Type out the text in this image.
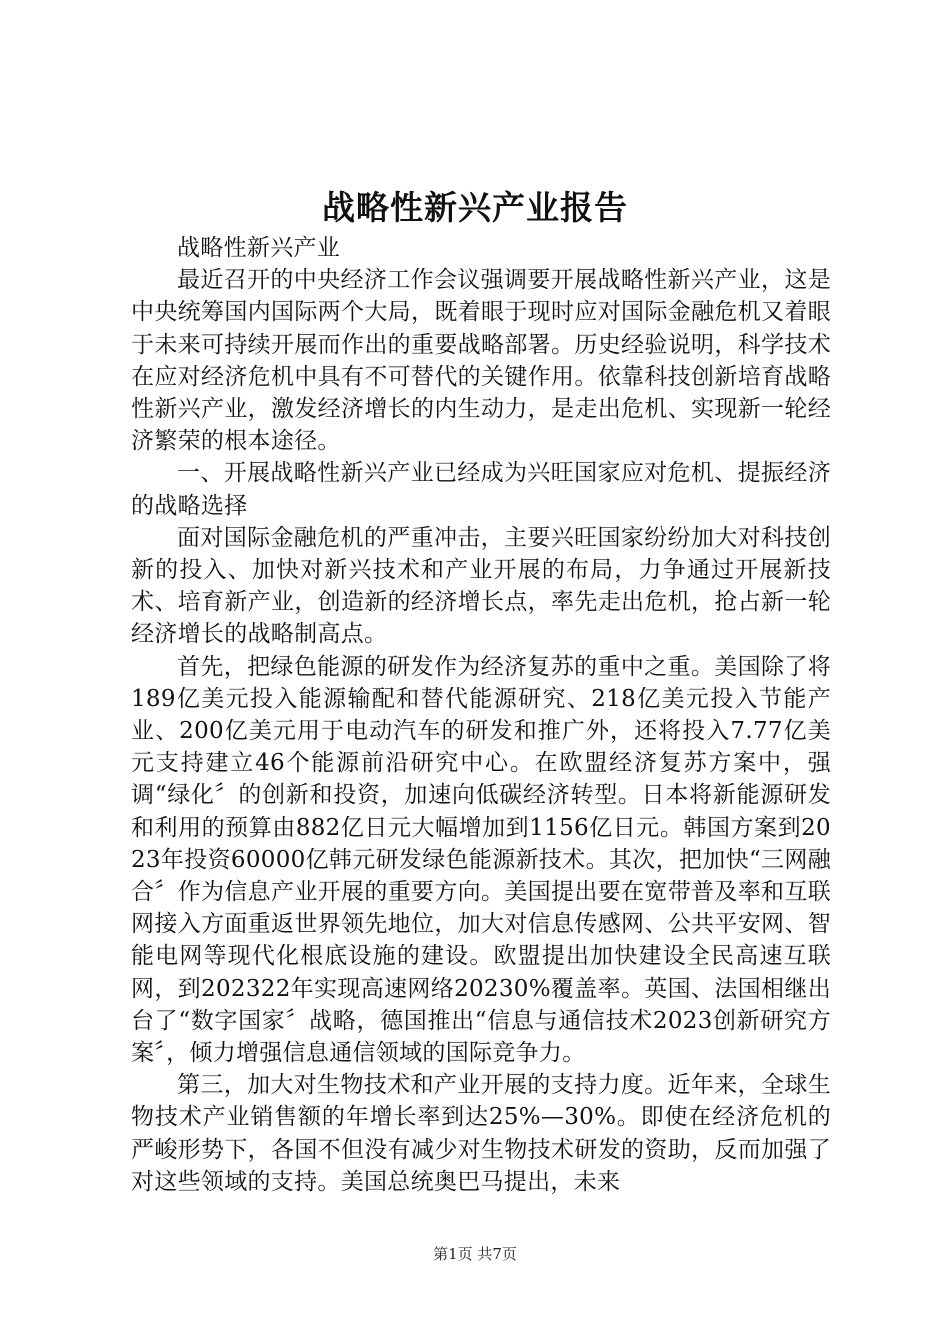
战略性新兴产业报告

战略性新兴产业

最近召开的中央经济工作会议强调要开展战略性新兴产业，这是中央统筹国内国际两个大局，既着眼于现时应对国际金融危机又着眼于未来可持续开展而作出的重要战略部署。历史经验说明，科学技术在应对经济危机中具有不可替代的关键作用。依靠科技创新培育战略性新兴产业，激发经济增长的内生动力，是走出危机、实现新一轮经济繁荣的根本途径。

一、开展战略性新兴产业已经成为兴旺国家应对危机、提振经济的战略选择

面对国际金融危机的严重冲击，主要兴旺国家纷纷加大对科技创新的投入、加快对新兴技术和产业开展的布局，力争通过开展新技术、培育新产业，创造新的经济增长点，率先走出危机，抢占新一轮经济增长的战略制高点。

首先，把绿色能源的研发作为经济复苏的重中之重。美国除了将189亿美元投入能源输配和替代能源研究、218亿美元投入节能产业、200亿美元用于电动汽车的研发和推广外，还将投入7.77亿美元支持建立46个能源前沿研究中心。在欧盟经济复苏方案中，强调“绿化〞的创新和投资，加速向低碳经济转型。日本将新能源研发和利用的预算由882亿日元大幅增加到1156亿日元。韩国方案到2023年投资60000亿韩元研发绿色能源新技术。其次，把加快“三网融合〞作为信息产业开展的重要方向。美国提出要在宽带普及率和互联网接入方面重返世界领先地位，加大对信息传感网、公共平安网、智能电网等现代化根底设施的建设。欧盟提出加快建设全民高速互联网，到202322年实现高速网络20230%覆盖率。英国、法国相继出台了“数字国家〞战略，德国推出“信息与通信技术2023创新研究方案〞，倾力增强信息通信领域的国际竞争力。

第三，加大对生物技术和产业开展的支持力度。近年来，全球生物技术产业销售额的年增长率到达25%—30%。即使在经济危机的严峻形势下，各国不但没有减少对生物技术研发的资助，反而加强了对这些领域的支持。美国总统奥巴马提出，未来

第1页 共7页
